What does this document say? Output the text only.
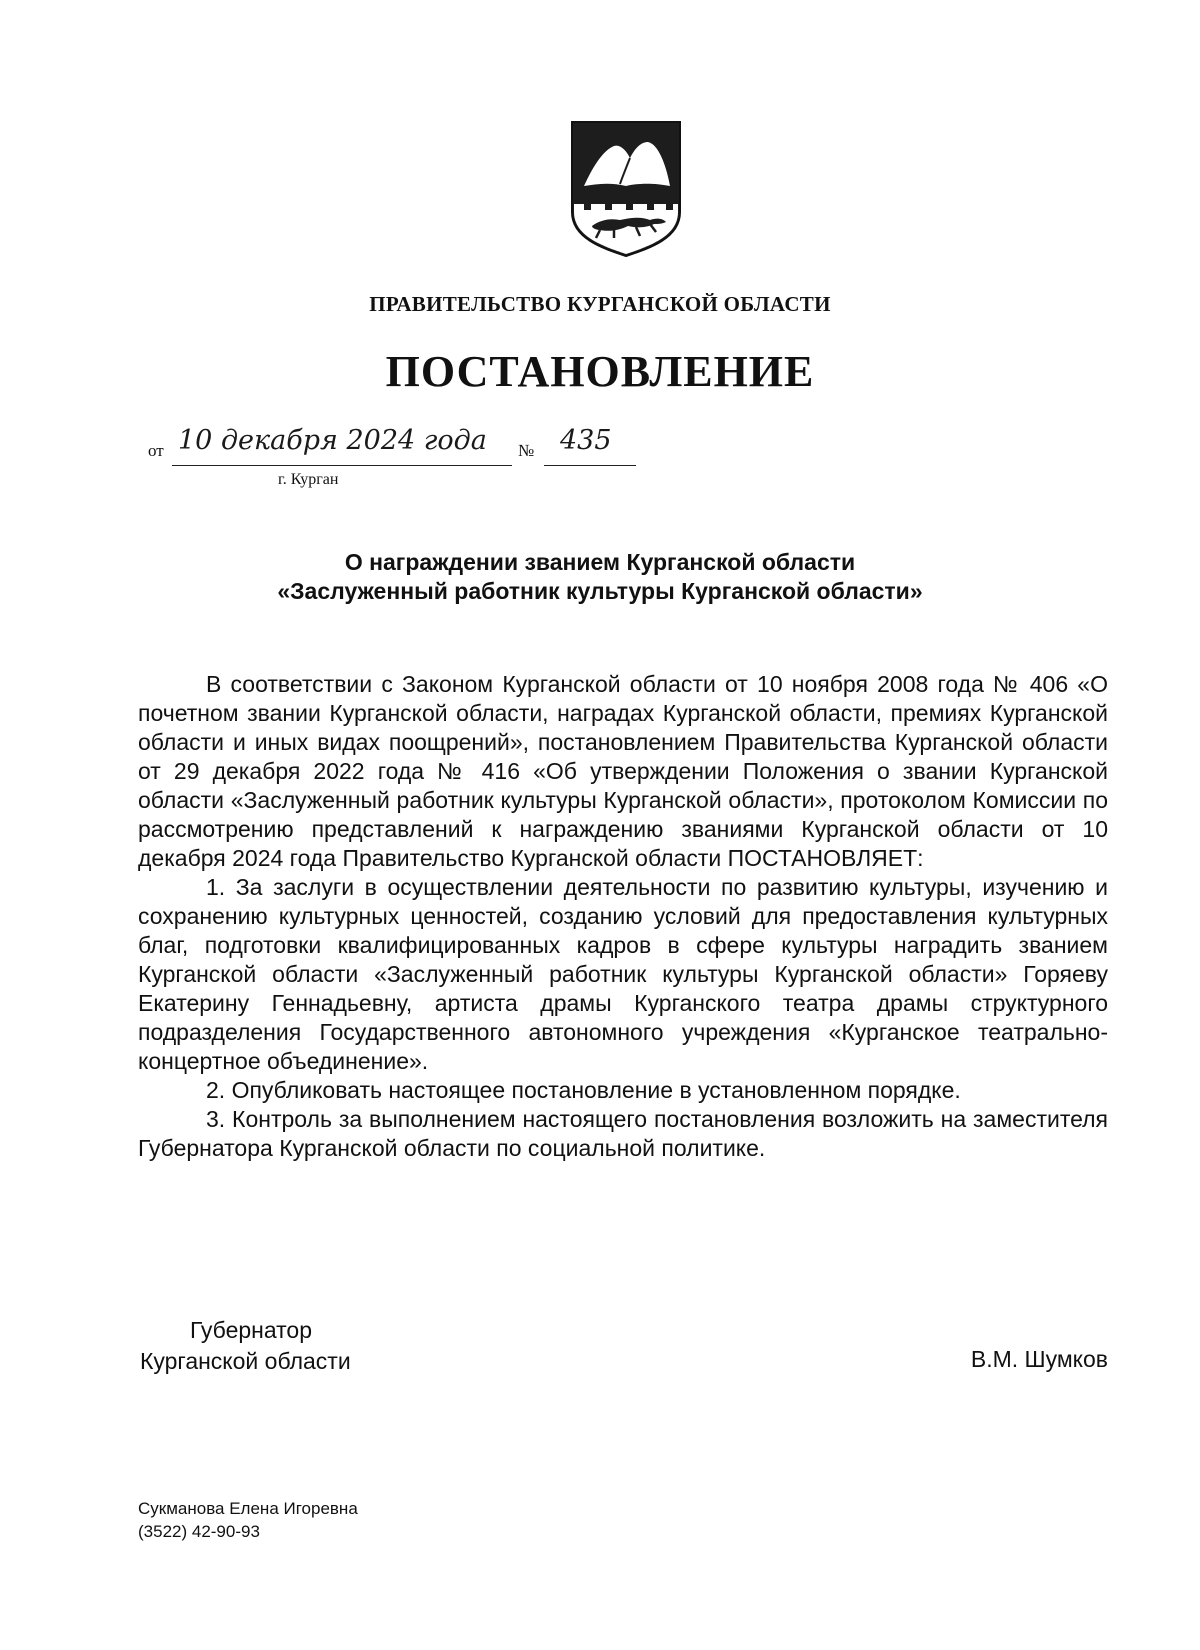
ПРАВИТЕЛЬСТВО КУРГАНСКОЙ ОБЛАСТИ
ПОСТАНОВЛЕНИЕ
от 10 декабря 2024 года № 435
г. Курган
О награждении званием Курганской области
«Заслуженный работник культуры Курганской области»

В соответствии с Законом Курганской области от 10 ноября 2008 года № 406 «О почетном звании Курганской области, наградах Курганской области, премиях Курганской области и иных видах поощрений», постановлением Правительства Курганской области от 29 декабря 2022 года № 416 «Об утверждении Положения о звании Курганской области «Заслуженный работник культуры Курганской области», протоколом Комиссии по рассмотрению представлений к награждению званиями Курганской области от 10 декабря 2024 года Правительство Курганской области ПОСТАНОВЛЯЕТ:

1. За заслуги в осуществлении деятельности по развитию культуры, изучению и сохранению культурных ценностей, созданию условий для предоставления культурных благ, подготовки квалифицированных кадров в сфере культуры наградить званием Курганской области «Заслуженный работник культуры Курганской области» Горяеву Екатерину Геннадьевну, артиста драмы Курганского театра драмы структурного подразделения Государственного автономного учреждения «Курганское театрально-концертное объединение».

2. Опубликовать настоящее постановление в установленном порядке.

3. Контроль за выполнением настоящего постановления возложить на заместителя Губернатора Курганской области по социальной политике.

Губернатор
Курганской области	В.М. Шумков
Сукманова Елена Игоревна
(3522) 42-90-93
